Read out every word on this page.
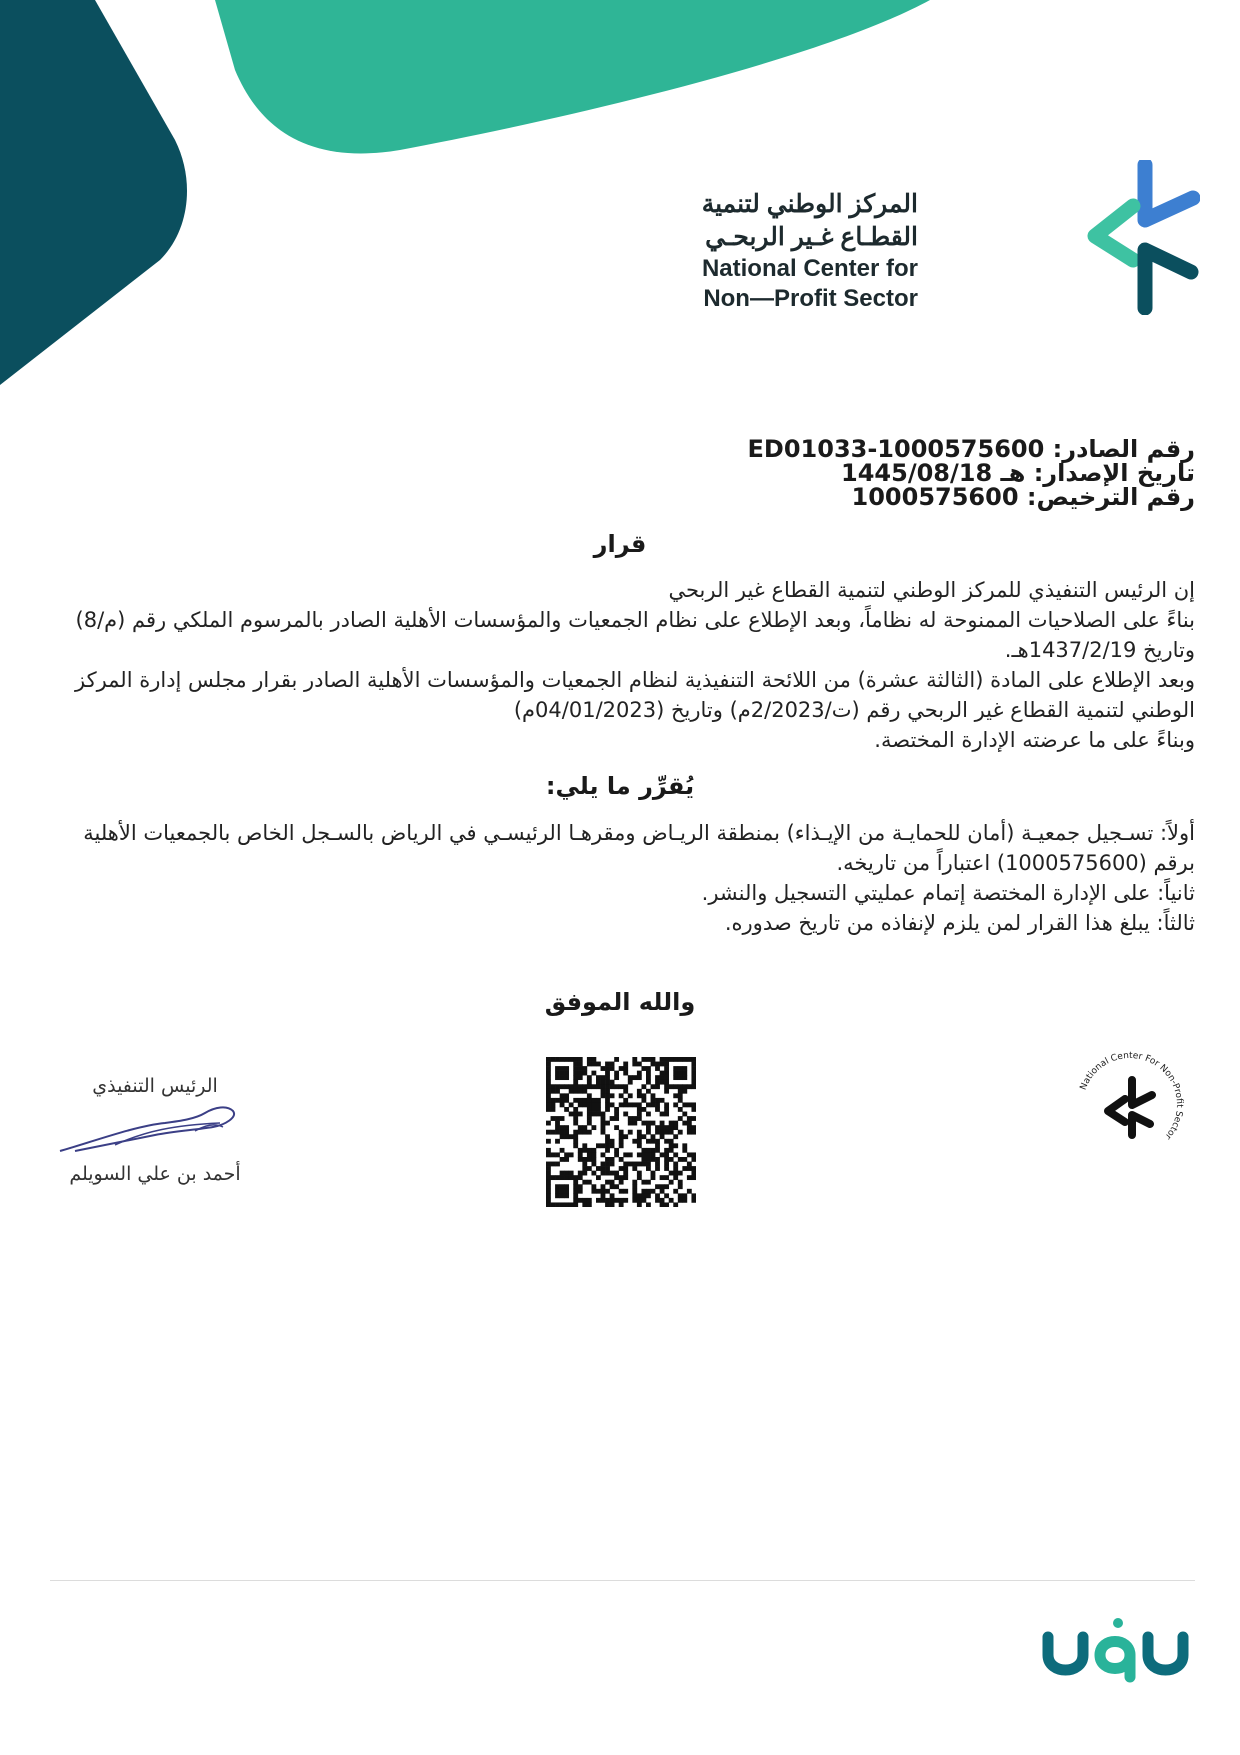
المركز الوطني لتنمية
القطـاع غـير الربحـي
National Center for
Non—Profit Sector
رقم الصادر: ED01033-1000575600
تاريخ الإصدار: 1445/08/18 هـ
رقم الترخيص: 1000575600
قرار

إن الرئيس التنفيذي للمركز الوطني لتنمية القطاع غير الربحي

بناءً على الصلاحيات الممنوحة له نظاماً، وبعد الإطلاع على نظام الجمعيات والمؤسسات الأهلية الصادر بالمرسوم الملكي رقم (م/8) وتاريخ 1437/2/19هـ.

وبعد الإطلاع على المادة (الثالثة عشرة) من اللائحة التنفيذية لنظام الجمعيات والمؤسسات الأهلية الصادر بقرار مجلس إدارة المركز الوطني لتنمية القطاع غير الربحي رقم (ت/2/2023م) وتاريخ (04/01/2023م)

وبناءً على ما عرضته الإدارة المختصة.

يُقرِّر ما يلي:

أولاً: تسـجيل جمعيـة (أمان للحمايـة من الإيـذاء) بمنطقة الريـاض ومقرهـا الرئيسـي في الرياض بالسـجل الخاص بالجمعيات الأهلية برقم (1000575600) اعتباراً من تاريخه.

ثانياً: على الإدارة المختصة إتمام عمليتي التسجيل والنشر.

ثالثاً: يبلغ هذا القرار لمن يلزم لإنفاذه من تاريخ صدوره.

والله الموفق
الرئيس التنفيذي
أحمد بن علي السويلم
National Center For Non-Profit Sector
